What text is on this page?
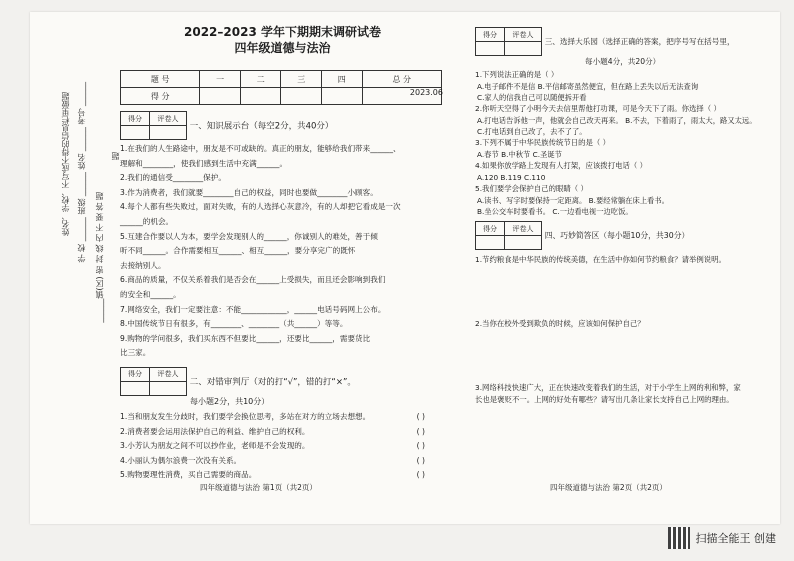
姓名、学校、不写成不得的信息栏里做题 学 校 ______ 班级 ______ 姓名 ______ 考号 ______ ______镇(区) 密 封 线 内 不 要 答 题
题
2022–2023 学年下期期末调研试卷
四年级道德与法治
2023.06
题 号	一	二	三	四	总 分
得 分					
得分	评卷人
	一、知识展示台（每空2分，共40分）
1.在我们的人生路途中，朋友是不可或缺的。真正的朋友，能够给我们带来______、
理解和________，使我们感到生活中充满______。
2.我们的通信受________保护。
3.作为消费者，我们就要________自己的权益，同时也要做________小顾客。
4.每个人都有些失败过，面对失败，有的人选择心灰意冷，有的人却把它看成是一次
______的机会。
5.互建合作要以人为本，要学会发现别人的______，你诚别人的难处，善于倾
听不同______。合作需要相互______、相互______，要分享完广的既怀
去接纳别人。
6.商品的质量，不仅关系着我们是否会在______上受损失，而且还会影响到我们
的安全和______。
7.网络安全，我们一定要注意：不能____________，______电话号码网上公布。
8.中国传统节日有很多，有________、________（共______）等等。
9.购物的学问很多，我们买东西不但要比______，还要比______，需要货比
比三家。
得分	评卷人
	二、对错审判厅（对的打“√”，错的打“×”。
每小题2分，共10分）
1.当和朋友发生分歧时，我们要学会换位思考，多站在对方的立场去想想。	( )
2.消费者要会运用法保护自己的利益、维护自己的权利。	( )
3.小芳认为朋友之间不可以抄作业，老师是不会发现的。	( )
4.小丽认为偶尔浪费一次没有关系。	( )
5.购物要理性消费，买自己需要的商品。	( )
四年级道德与法治 第1页（共2页）
得分	评卷人
	三、选择大乐园（选择正确的答案，把序号写在括号里，
每小题4分，共20分）
1.下列说法正确的是（ ）
A.电子邮件不是信 B.平信邮寄虽然便宜，但在路上丢失以后无法查询
C.家人的信我自己可以随便拆开看
2.你听天空得了小明今天去信里帮他打功课，可是今天下了雨。你选择（ ）
A.打电话告诉他一声，他就会自己改天再来。 B.不去，下着雨了，雨太大，路又太远。
C.打电话到自己改了，去不了了。
3.下列不属于中华民族传统节日的是（ ）
A.春节 B.中秋节 C.圣诞节
4.如果你放学路上发现有人打架，应该拨打电话（ ）
A.120 B.119 C.110
5.我们要学会保护自己的眼睛（ ）
A.读书、写字时要保持一定距离。 B.要经常躺在床上看书。
B.坐公交车时要看书。 C.一边看电视一边吃饭。
得分	评卷人
	四、巧妙简答区（每小题10分，共30分）
1.节约粮食是中华民族的传统美德，在生活中你如何节约粮食？请举例说明。
2.当你在校外受到欺负的时候，应该如何保护自己？
3.网络科技快速广大，正在快速改变着我们的生活，对于小学生上网的利和弊，家
长也是褒贬不一。上网的好处有哪些？请写出几条让家长支持自己上网的理由。
四年级道德与法治 第2页（共2页）
扫描全能王 创建
